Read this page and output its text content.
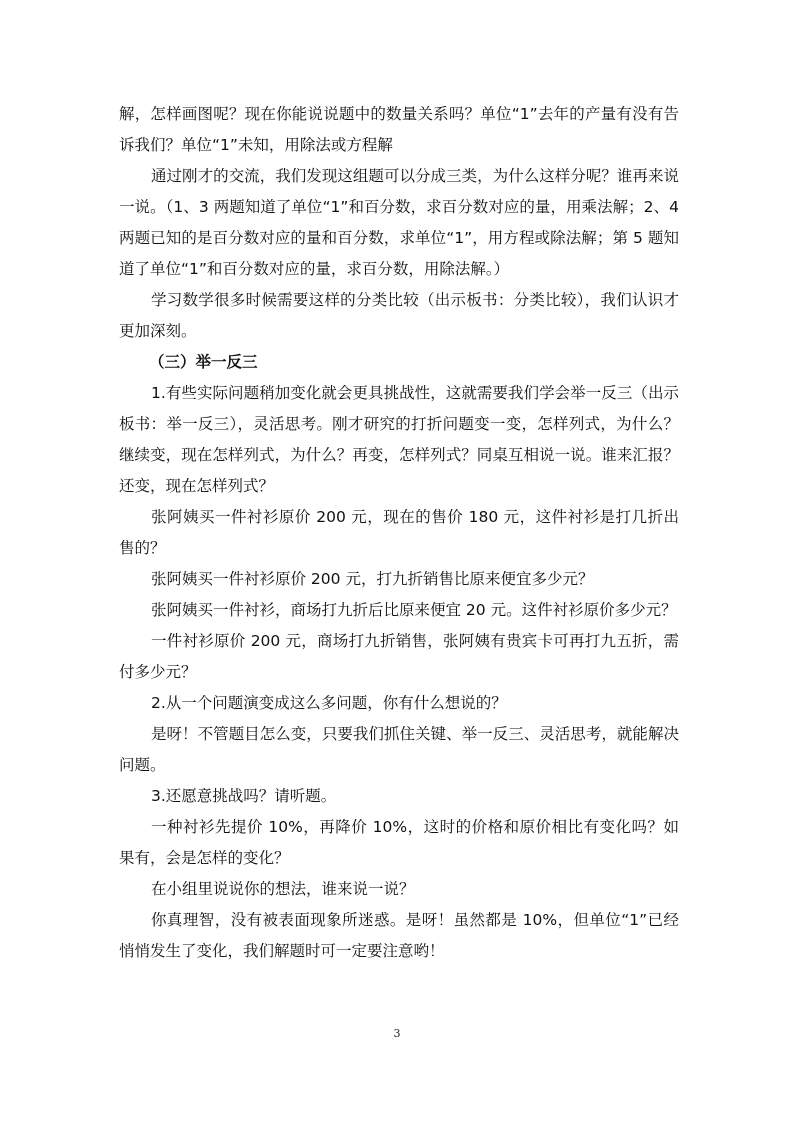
解，怎样画图呢？现在你能说说题中的数量关系吗？单位“1”去年的产量有没有告诉我们？单位“1”未知，用除法或方程解

通过刚才的交流，我们发现这组题可以分成三类，为什么这样分呢？谁再来说一说。（1、3 两题知道了单位“1”和百分数，求百分数对应的量，用乘法解；2、4 两题已知的是百分数对应的量和百分数，求单位“1”，用方程或除法解；第 5 题知道了单位“1”和百分数对应的量，求百分数，用除法解。）

学习数学很多时候需要这样的分类比较（出示板书：分类比较），我们认识才更加深刻。

（三）举一反三

1.有些实际问题稍加变化就会更具挑战性，这就需要我们学会举一反三（出示板书：举一反三），灵活思考。刚才研究的打折问题变一变，怎样列式，为什么？继续变，现在怎样列式，为什么？再变，怎样列式？同桌互相说一说。谁来汇报？还变，现在怎样列式？

张阿姨买一件衬衫原价 200 元，现在的售价 180 元，这件衬衫是打几折出售的？

张阿姨买一件衬衫原价 200 元，打九折销售比原来便宜多少元？

张阿姨买一件衬衫，商场打九折后比原来便宜 20 元。这件衬衫原价多少元？

一件衬衫原价 200 元，商场打九折销售，张阿姨有贵宾卡可再打九五折，需付多少元？

2.从一个问题演变成这么多问题，你有什么想说的？

是呀！不管题目怎么变，只要我们抓住关键、举一反三、灵活思考，就能解决问题。

3.还愿意挑战吗？请听题。

一种衬衫先提价 10%，再降价 10%，这时的价格和原价相比有变化吗？如果有，会是怎样的变化？

在小组里说说你的想法，谁来说一说？

你真理智，没有被表面现象所迷惑。是呀！虽然都是 10%，但单位“1”已经悄悄发生了变化，我们解题时可一定要注意哟！

3
